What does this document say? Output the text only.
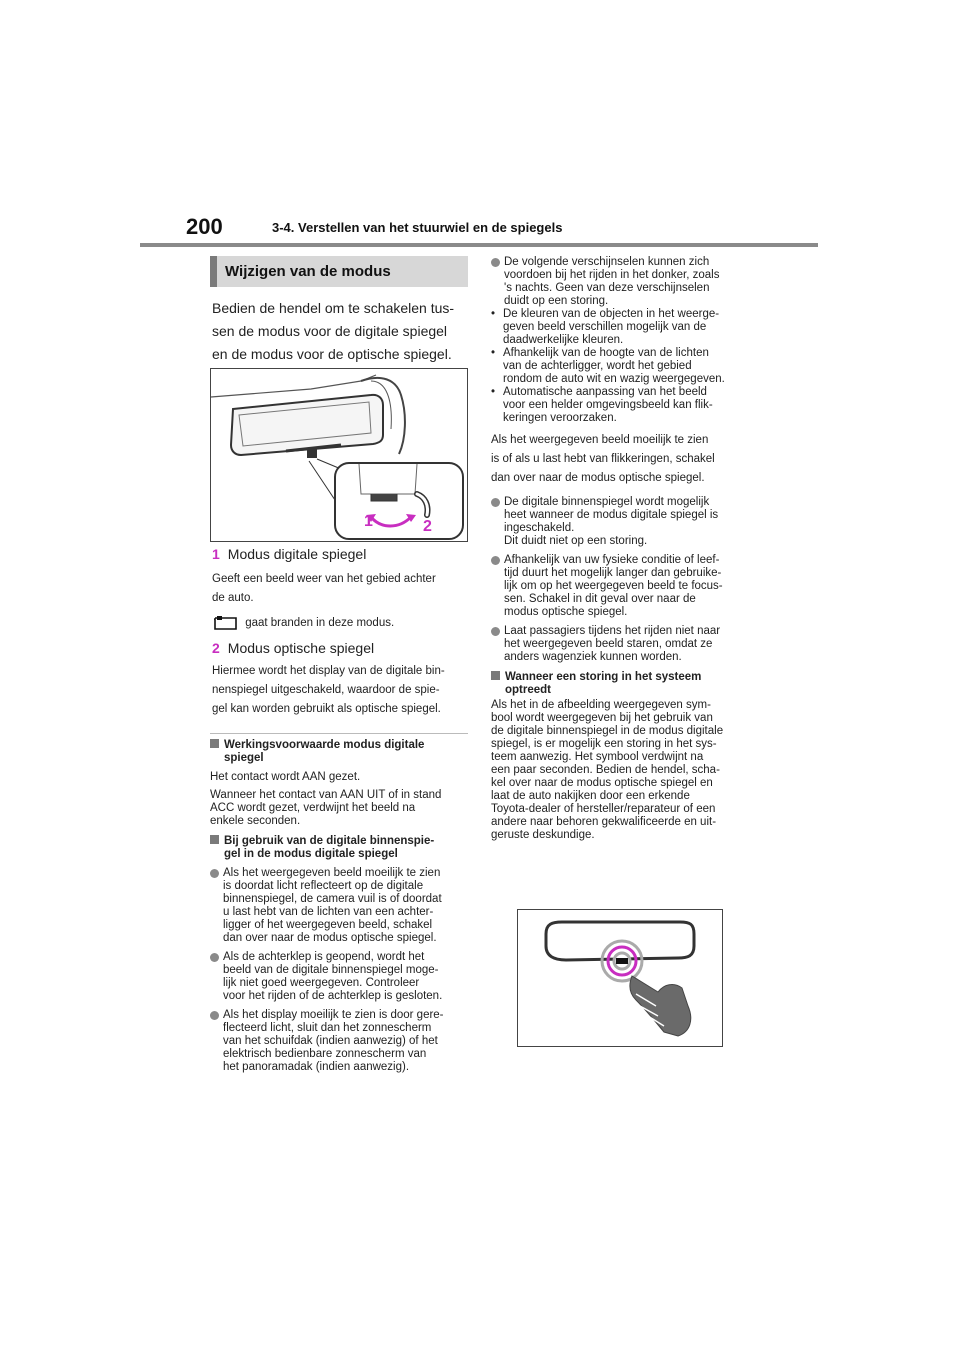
200	3-4. Verstellen van het stuurwiel en de spiegels
Wijzigen van de modus
Bedien de hendel om te schakelen tus-
sen de modus voor de digitale spiegel
en de modus voor de optische spiegel.
1	2
1 Modus digitale spiegel
Geeft een beeld weer van het gebied achter
de auto.
gaat branden in deze modus.
2 Modus optische spiegel
Hiermee wordt het display van de digitale bin-
nenspiegel uitgeschakeld, waardoor de spie-
gel kan worden gebruikt als optische spiegel.
Werkingsvoorwaarde modus digitale
spiegel
Het contact wordt AAN gezet.
Wanneer het contact van AAN UIT of in stand
ACC wordt gezet, verdwijnt het beeld na
enkele seconden.
Bij gebruik van de digitale binnenspie-
gel in de modus digitale spiegel
Als het weergegeven beeld moeilijk te zien
is doordat licht reflecteert op de digitale
binnenspiegel, de camera vuil is of doordat
u last hebt van de lichten van een achter-
ligger of het weergegeven beeld, schakel
dan over naar de modus optische spiegel.
Als de achterklep is geopend, wordt het
beeld van de digitale binnenspiegel moge-
lijk niet goed weergegeven. Controleer
voor het rijden of de achterklep is gesloten.
Als het display moeilijk te zien is door gere-
flecteerd licht, sluit dan het zonnescherm
van het schuifdak (indien aanwezig) of het
elektrisch bedienbare zonnescherm van
het panoramadak (indien aanwezig).
De volgende verschijnselen kunnen zich
voordoen bij het rijden in het donker, zoals
's nachts. Geen van deze verschijnselen
duidt op een storing.
• De kleuren van de objecten in het weerge-
geven beeld verschillen mogelijk van de
daadwerkelijke kleuren.
• Afhankelijk van de hoogte van de lichten
van de achterligger, wordt het gebied
rondom de auto wit en wazig weergegeven.
• Automatische aanpassing van het beeld
voor een helder omgevingsbeeld kan flik-
keringen veroorzaken.
Als het weergegeven beeld moeilijk te zien
is of als u last hebt van flikkeringen, schakel
dan over naar de modus optische spiegel.
De digitale binnenspiegel wordt mogelijk
heet wanneer de modus digitale spiegel is
ingeschakeld.
Dit duidt niet op een storing.
Afhankelijk van uw fysieke conditie of leef-
tijd duurt het mogelijk langer dan gebruike-
lijk om op het weergegeven beeld te focus-
sen. Schakel in dit geval over naar de
modus optische spiegel.
Laat passagiers tijdens het rijden niet naar
het weergegeven beeld staren, omdat ze
anders wagenziek kunnen worden.
Wanneer een storing in het systeem
optreedt
Als het in de afbeelding weergegeven sym-
bool wordt weergegeven bij het gebruik van
de digitale binnenspiegel in de modus digitale
spiegel, is er mogelijk een storing in het sys-
teem aanwezig. Het symbool verdwijnt na
een paar seconden. Bedien de hendel, scha-
kel over naar de modus optische spiegel en
laat de auto nakijken door een erkende
Toyota-dealer of hersteller/reparateur of een
andere naar behoren gekwalificeerde en uit-
geruste deskundige.
